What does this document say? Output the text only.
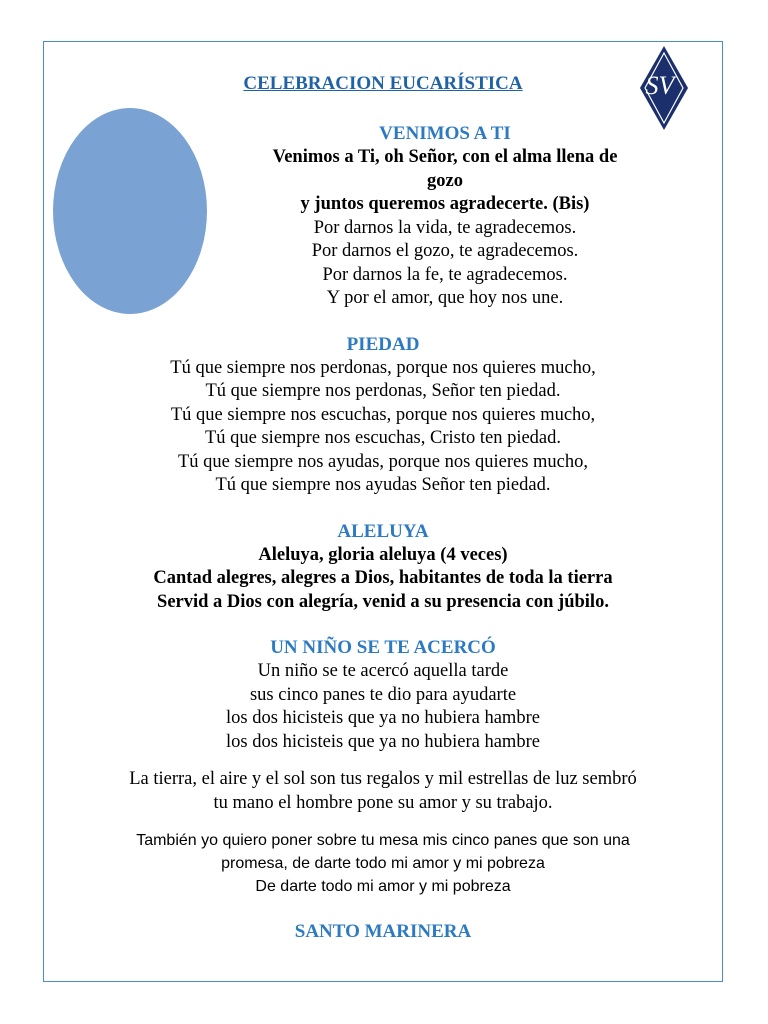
SV
CELEBRACION EUCARÍSTICA
VENIMOS A TI
Venimos a Ti, oh Señor, con el alma llena de
gozo
y juntos queremos agradecerte. (Bis)
Por darnos la vida, te agradecemos.
Por darnos el gozo, te agradecemos.
Por darnos la fe, te agradecemos.
Y por el amor, que hoy nos une.
PIEDAD
Tú que siempre nos perdonas, porque nos quieres mucho,
Tú que siempre nos perdonas, Señor ten piedad.
Tú que siempre nos escuchas, porque nos quieres mucho,
Tú que siempre nos escuchas, Cristo ten piedad.
Tú que siempre nos ayudas, porque nos quieres mucho,
Tú que siempre nos ayudas Señor ten piedad.
ALELUYA
Aleluya, gloria aleluya (4 veces)
Cantad alegres, alegres a Dios, habitantes de toda la tierra
Servid a Dios con alegría, venid a su presencia con júbilo.
UN NIÑO SE TE ACERCÓ
Un niño se te acercó aquella tarde
sus cinco panes te dio para ayudarte
los dos hicisteis que ya no hubiera hambre
los dos hicisteis que ya no hubiera hambre
La tierra, el aire y el sol son tus regalos y mil estrellas de luz sembró
tu mano el hombre pone su amor y su trabajo.
También yo quiero poner sobre tu mesa mis cinco panes que son una
promesa, de darte todo mi amor y mi pobreza
De darte todo mi amor y mi pobreza
SANTO MARINERA
